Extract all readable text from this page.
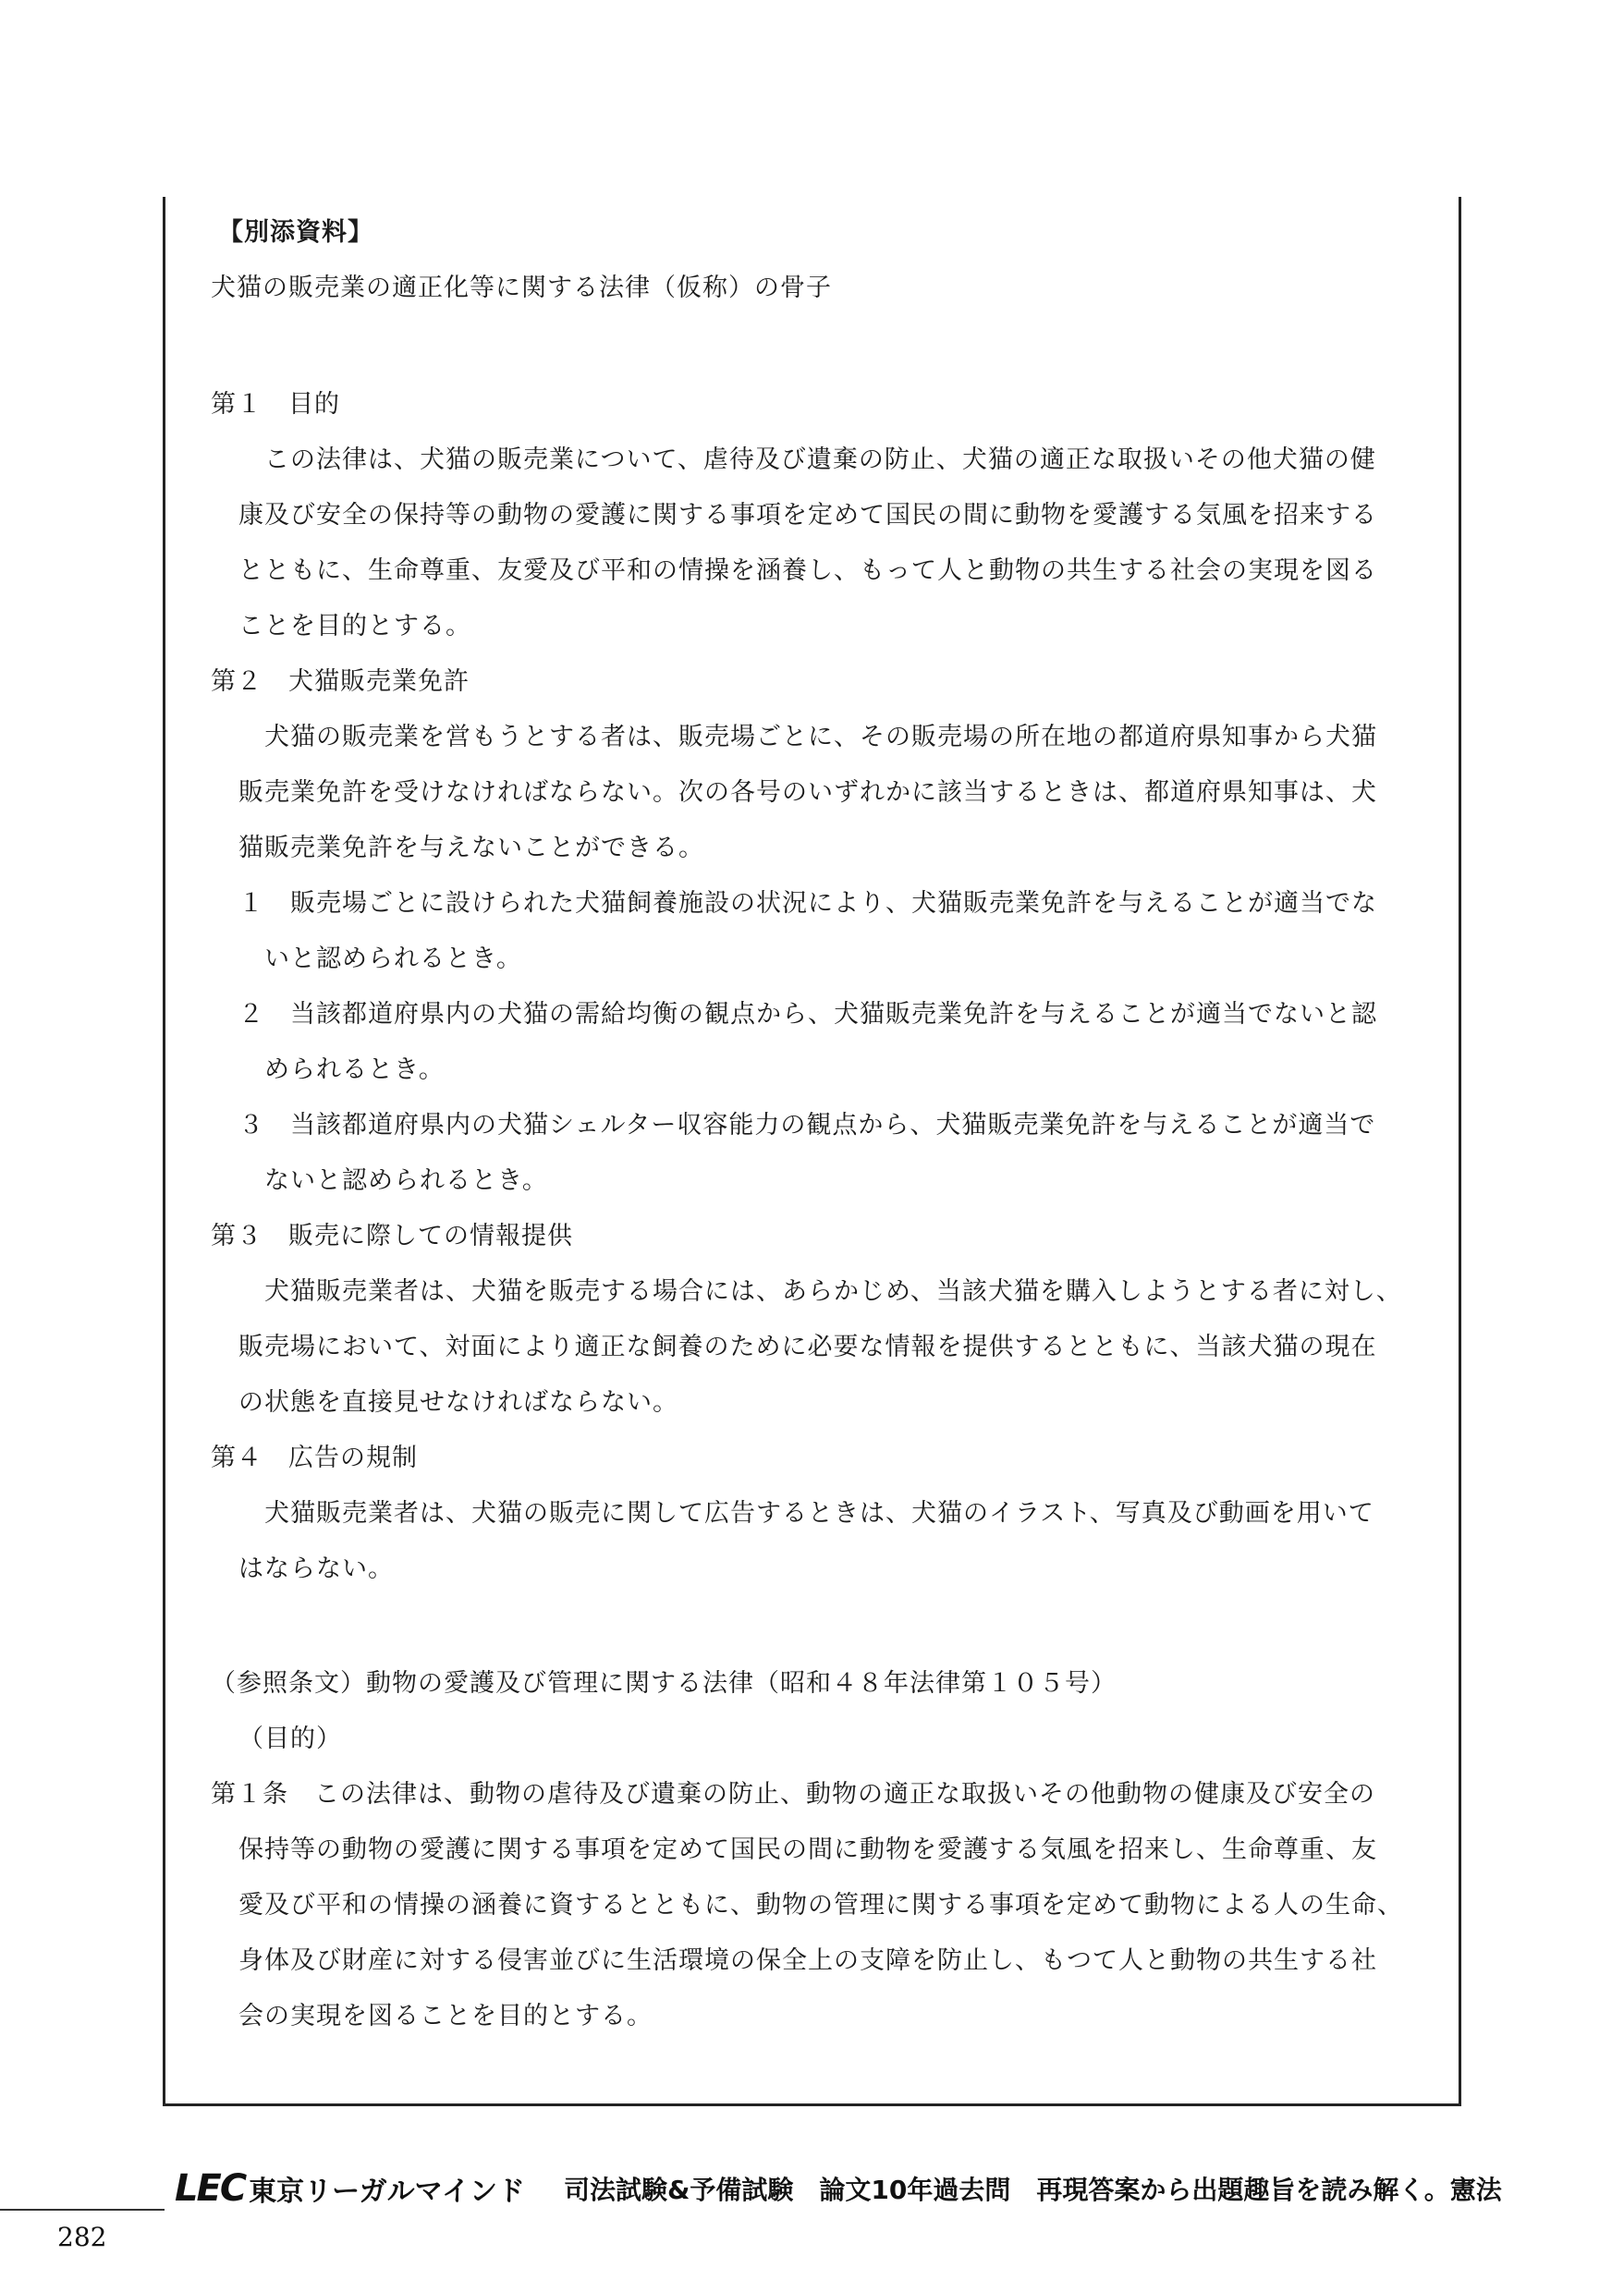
【別添資料】
犬猫の販売業の適正化等に関する法律（仮称）の骨子
第１　目的
この法律は、犬猫の販売業について、虐待及び遺棄の防止、犬猫の適正な取扱いその他犬猫の健
康及び安全の保持等の動物の愛護に関する事項を定めて国民の間に動物を愛護する気風を招来する
とともに、生命尊重、友愛及び平和の情操を涵養し、もって人と動物の共生する社会の実現を図る
ことを目的とする。
第２　犬猫販売業免許
犬猫の販売業を営もうとする者は、販売場ごとに、その販売場の所在地の都道府県知事から犬猫
販売業免許を受けなければならない。次の各号のいずれかに該当するときは、都道府県知事は、犬
猫販売業免許を与えないことができる。
１　販売場ごとに設けられた犬猫飼養施設の状況により、犬猫販売業免許を与えることが適当でな
いと認められるとき。
２　当該都道府県内の犬猫の需給均衡の観点から、犬猫販売業免許を与えることが適当でないと認
められるとき。
３　当該都道府県内の犬猫シェルター収容能力の観点から、犬猫販売業免許を与えることが適当で
ないと認められるとき。
第３　販売に際しての情報提供
犬猫販売業者は、犬猫を販売する場合には、あらかじめ、当該犬猫を購入しようとする者に対し、
販売場において、対面により適正な飼養のために必要な情報を提供するとともに、当該犬猫の現在
の状態を直接見せなければならない。
第４　広告の規制
犬猫販売業者は、犬猫の販売に関して広告するときは、犬猫のイラスト、写真及び動画を用いて
はならない。
（参照条文）動物の愛護及び管理に関する法律（昭和４８年法律第１０５号）
（目的）
第１条　この法律は、動物の虐待及び遺棄の防止、動物の適正な取扱いその他動物の健康及び安全の
保持等の動物の愛護に関する事項を定めて国民の間に動物を愛護する気風を招来し、生命尊重、友
愛及び平和の情操の涵養に資するとともに、動物の管理に関する事項を定めて動物による人の生命、
身体及び財産に対する侵害並びに生活環境の保全上の支障を防止し、もつて人と動物の共生する社
会の実現を図ることを目的とする。
LEC 東京リーガルマインド 司法試験&予備試験　論文10年過去問　再現答案から出題趣旨を読み解く。憲法
282
